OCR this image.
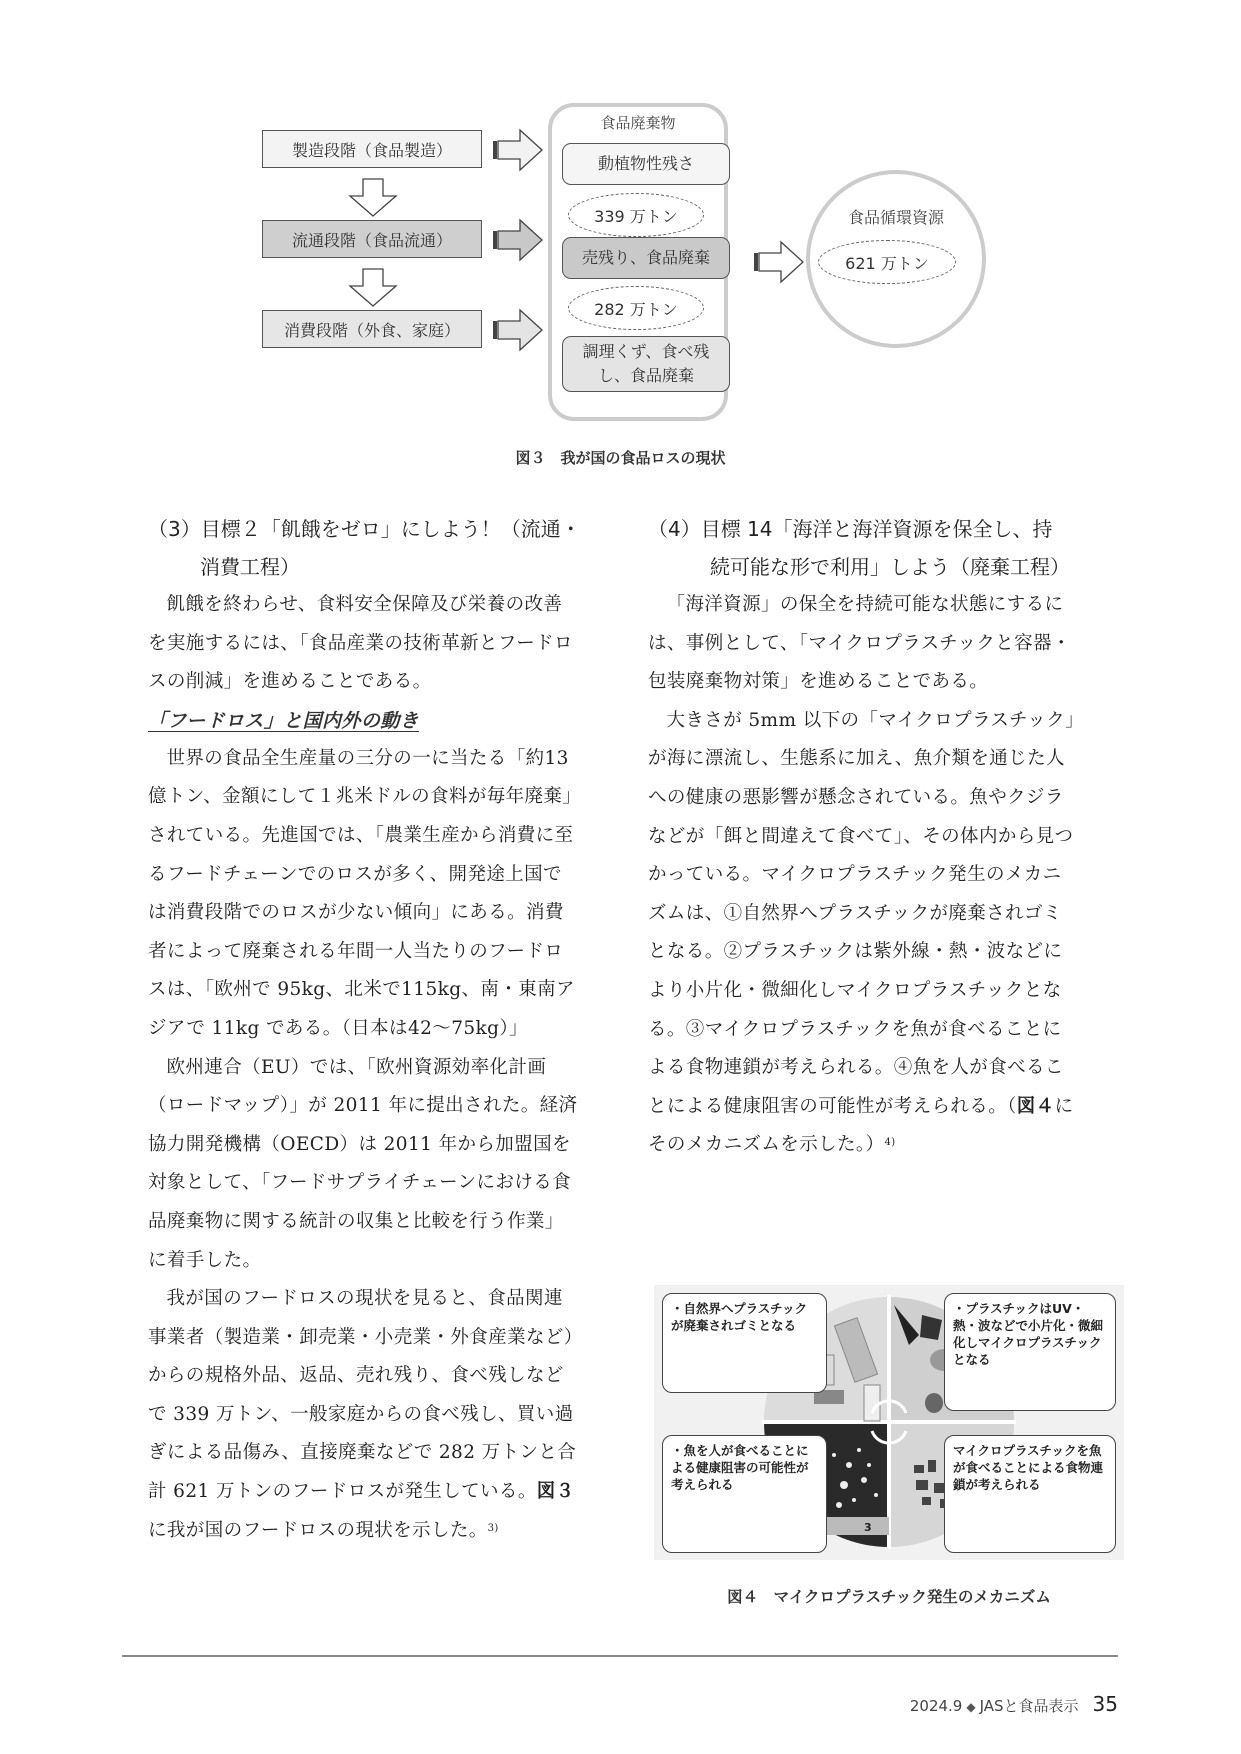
製造段階（食品製造）
流通段階（食品流通）
消費段階（外食、家庭）
食品廃棄物
動植物性残さ
339 万トン
売残り、食品廃棄
282 万トン
調理くず、食べ残し、食品廃棄
食品循環資源
621 万トン
図３　我が国の食品ロスの現状
（3）目標２「飢餓をゼロ」にしよう！（流通・
消費工程）

飢餓を終わらせ、食料安全保障及び栄養の改善を実施するには、「食品産業の技術革新とフードロスの削減」を進めることである。

「フードロス」と国内外の動き

世界の食品全生産量の三分の一に当たる「約13億トン、金額にして１兆米ドルの食料が毎年廃棄」されている。先進国では、「農業生産から消費に至るフードチェーンでのロスが多く、開発途上国では消費段階でのロスが少ない傾向」にある。消費者によって廃棄される年間一人当たりのフードロスは、「欧州で 95kg、北米で115kg、南・東南アジアで 11kg である。（日本は42～75kg）」

欧州連合（EU）では、「欧州資源効率化計画（ロードマップ）」が 2011 年に提出された。経済協力開発機構（OECD）は 2011 年から加盟国を対象として、「フードサプライチェーンにおける食品廃棄物に関する統計の収集と比較を行う作業」に着手した。

我が国のフードロスの現状を見ると、食品関連事業者（製造業・卸売業・小売業・外食産業など）からの規格外品、返品、売れ残り、食べ残しなどで 339 万トン、一般家庭からの食べ残し、買い過ぎによる品傷み、直接廃棄などで 282 万トンと合計 621 万トンのフードロスが発生している。図３に我が国のフードロスの現状を示した。$^{3)}$

（4）目標 14「海洋と海洋資源を保全し、持
続可能な形で利用」しよう（廃棄工程）

「海洋資源」の保全を持続可能な状態にするには、事例として、「マイクロプラスチックと容器・包装廃棄物対策」を進めることである。

大きさが 5mm 以下の「マイクロプラスチック」が海に漂流し、生態系に加え、魚介類を通じた人への健康の悪影響が懸念されている。魚やクジラなどが「餌と間違えて食べて」、その体内から見つかっている。マイクロプラスチック発生のメカニズムは、①自然界へプラスチックが廃棄されゴミとなる。②プラスチックは紫外線・熱・波などにより小片化・微細化しマイクロプラスチックとなる。③マイクロプラスチックを魚が食べることによる食物連鎖が考えられる。④魚を人が食べることによる健康阻害の可能性が考えられる。（図４にそのメカニズムを示した。）$^{4)}$

3
・自然界へプラスチックが廃棄されゴミとなる
・プラスチックはUV・熱・波などで小片化・微細化しマイクロプラスチックとなる
・魚を人が食べることによる健康阻害の可能性が考えられる
マイクロプラスチックを魚が食べることによる食物連鎖が考えられる
図４　マイクロプラスチック発生のメカニズム
2024.9 ◆ JASと食品表示 35
